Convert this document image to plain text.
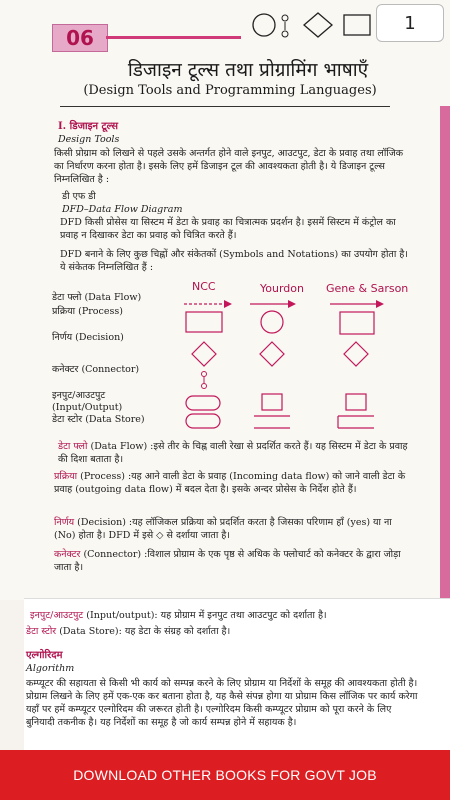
06
1
डिजाइन टूल्स तथा प्रोग्रामिंग भाषाएँ
(Design Tools and Programming Languages)
I. डिजाइन टूल्स
Design Tools
किसी प्रोग्राम को लिखने से पहले उसके अन्तर्गत होने वाले इनपुट, आउटपुट, डेटा के प्रवाह तथा लॉजिक का निर्धारण करना होता है। इसके लिए हमें डिजाइन टूल की आवश्यकता होती है। ये डिजाइन टूल्स निम्नलिखित है :
डी एफ डी
DFD–Data Flow Diagram
DFD किसी प्रोसेस या सिस्टम में डेटा के प्रवाह का चित्रात्मक प्रदर्शन है। इसमें सिस्टम में कंट्रोल का प्रवाह न दिखाकर डेटा का प्रवाह को चित्रित करते हैं।
DFD बनाने के लिए कुछ चिह्नों और संकेतकों (Symbols and Notations) का उपयोग होता है। ये संकेतक निम्नलिखित हैं :
NCC	Yourdon Gene & Sarson
डेटा फ्लो (Data Flow)
प्रक्रिया (Process)
निर्णय (Decision)
कनेक्टर (Connector)
इनपुट/आउटपुट
(Input/Output)
डेटा स्टोर (Data Store)
डेटा फ्लो (Data Flow) :इसे तीर के चिह्न वाली रेखा से प्रदर्शित करते हैं। यह सिस्टम में डेटा के प्रवाह की दिशा बताता है।
प्रक्रिया (Process) :यह आने वाली डेटा के प्रवाह (Incoming data flow) को जाने वाली डेटा के प्रवाह (outgoing data flow) में बदल देता है। इसके अन्दर प्रोसेस के निर्देश होते हैं।
निर्णय (Decision) :यह लॉजिकल प्रक्रिया को प्रदर्शित करता है जिसका परिणाम हाँ (yes) या ना (No) होता है। DFD में इसे ◇ से दर्शाया जाता है।
कनेक्टर (Connector) :विशाल प्रोग्राम के एक पृष्ठ से अधिक के फ्लोचार्ट को कनेक्टर के द्वारा जोड़ा जाता है।
इनपुट/आउटपुट (Input/output): यह प्रोग्राम में इनपुट तथा आउटपुट को दर्शाता है।
डेटा स्टोर (Data Store): यह डेटा के संग्रह को दर्शाता है।
एल्गोरिदम
Algorithm
कम्प्यूटर की सहायता से किसी भी कार्य को सम्पन्न करने के लिए प्रोग्राम या निर्देशों के समूह की आवश्यकता होती है। प्रोग्राम लिखने के लिए हमें एक-एक कर बताना होता है, यह कैसे संपन्न होगा या प्रोग्राम किस लॉजिक पर कार्य करेगा यहाँ पर हमें कम्प्यूटर एल्गोरिदम की जरूरत होती है। एल्गोरिदम किसी कम्प्यूटर प्रोग्राम को पूरा करने के लिए बुनियादी तकनीक है। यह निर्देशों का समूह है जो कार्य सम्पन्न होने में सहायक है।
DOWNLOAD OTHER BOOKS FOR GOVT JOB
